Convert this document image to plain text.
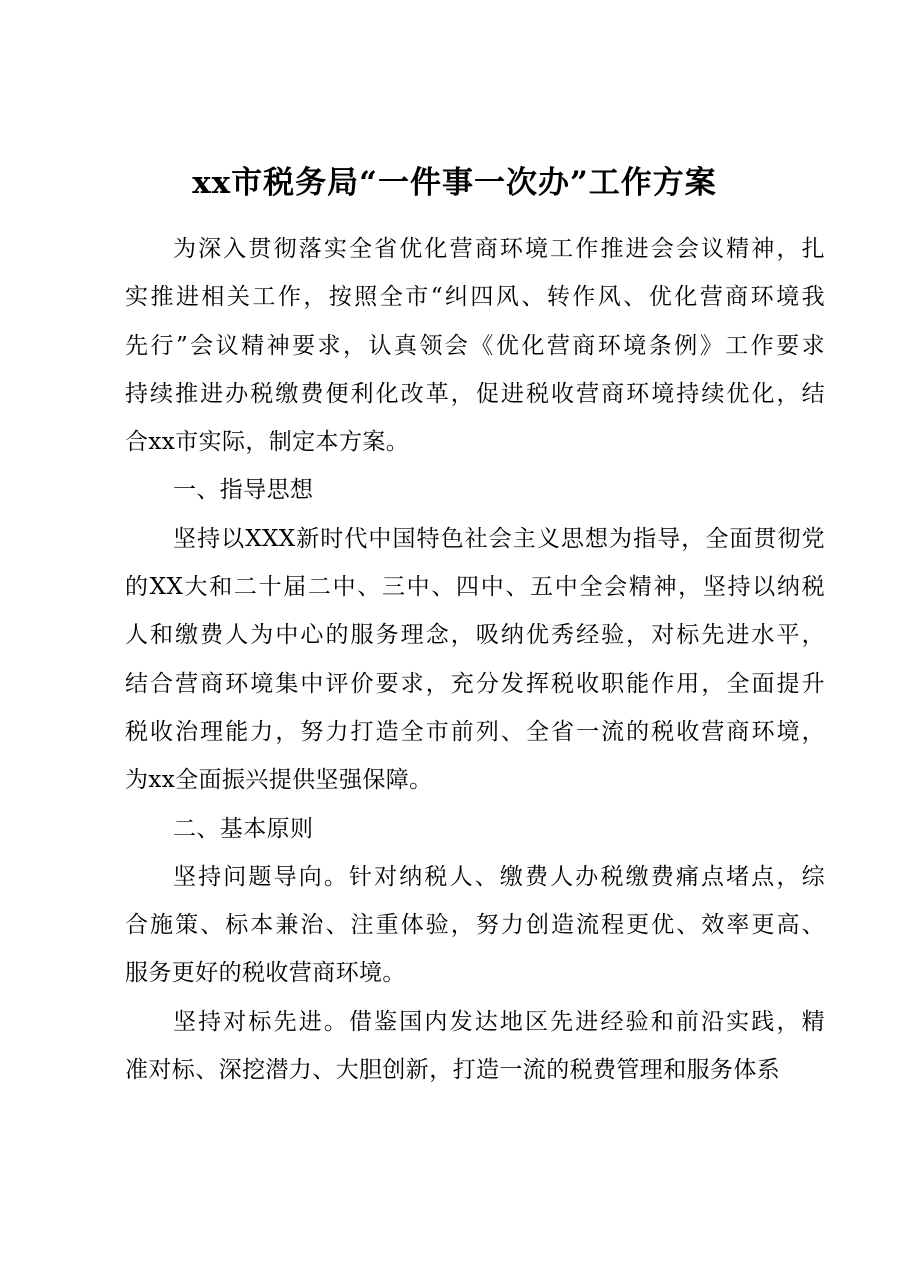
xx市税务局“一件事一次办”工作方案
为深入贯彻落实全省优化营商环境工作推进会会议精神，扎
实推进相关工作，按照全市“纠四风、转作风、优化营商环境我
先行”会议精神要求，认真领会《优化营商环境条例》工作要求
持续推进办税缴费便利化改革，促进税收营商环境持续优化，结
合xx市实际，制定本方案。
一、指导思想
坚持以XXX新时代中国特色社会主义思想为指导，全面贯彻党
的XX大和二十届二中、三中、四中、五中全会精神，坚持以纳税
人和缴费人为中心的服务理念，吸纳优秀经验，对标先进水平，
结合营商环境集中评价要求，充分发挥税收职能作用，全面提升
税收治理能力，努力打造全市前列、全省一流的税收营商环境，
为xx全面振兴提供坚强保障。
二、基本原则
坚持问题导向。针对纳税人、缴费人办税缴费痛点堵点，综
合施策、标本兼治、注重体验，努力创造流程更优、效率更高、
服务更好的税收营商环境。
坚持对标先进。借鉴国内发达地区先进经验和前沿实践，精
准对标、深挖潜力、大胆创新，打造一流的税费管理和服务体系
